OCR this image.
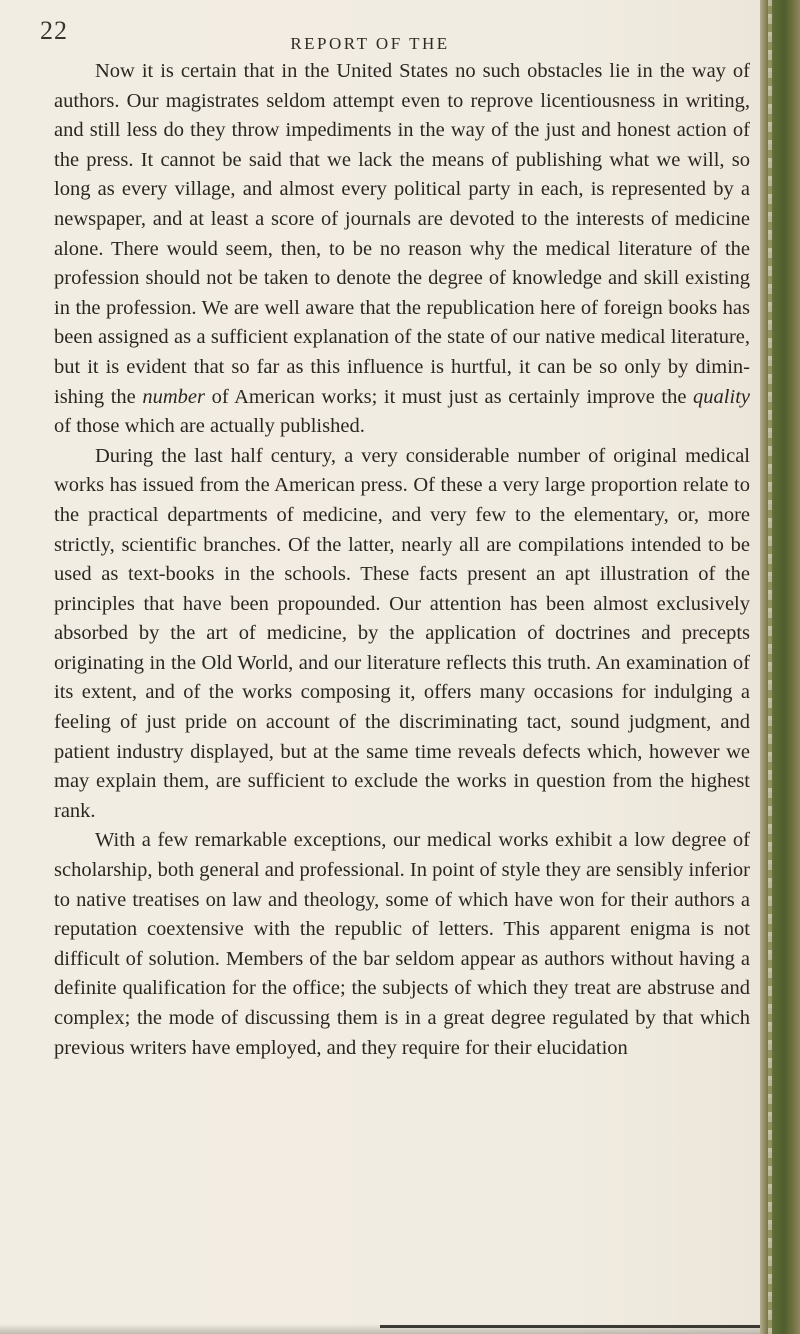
22	REPORT OF THE

Now it is certain that in the United States no such obstacles lie in the way of authors. Our magistrates seldom attempt even to reprove licentiousness in writing, and still less do they throw impediments in the way of the just and honest action of the press. It cannot be said that we lack the means of publishing what we will, so long as every village, and almost every political party in each, is represented by a newspaper, and at least a score of journals are devoted to the interests of medicine alone. There would seem, then, to be no reason why the medical literature of the profession should not be taken to denote the degree of knowledge and skill existing in the profession. We are well aware that the republication here of foreign books has been assigned as a sufficient explanation of the state of our native medical literature, but it is evident that so far as this influence is hurtful, it can be so only by diminishing the number of American works; it must just as certainly improve the quality of those which are actually published.

During the last half century, a very considerable number of original medical works has issued from the American press. Of these a very large proportion relate to the practical departments of medicine, and very few to the elementary, or, more strictly, scientific branches. Of the latter, nearly all are compilations intended to be used as text-books in the schools. These facts present an apt illustration of the principles that have been propounded. Our attention has been almost exclusively absorbed by the art of medicine, by the application of doctrines and precepts originating in the Old World, and our literature reflects this truth. An examination of its extent, and of the works composing it, offers many occasions for indulging a feeling of just pride on account of the discriminating tact, sound judgment, and patient industry displayed, but at the same time reveals defects which, however we may explain them, are sufficient to exclude the works in question from the highest rank.

With a few remarkable exceptions, our medical works exhibit a low degree of scholarship, both general and professional. In point of style they are sensibly inferior to native treatises on law and theology, some of which have won for their authors a reputation coextensive with the republic of letters. This apparent enigma is not difficult of solution. Members of the bar seldom appear as authors without having a definite qualification for the office; the subjects of which they treat are abstruse and complex; the mode of discussing them is in a great degree regulated by that which previous writers have employed, and they require for their elucidation
